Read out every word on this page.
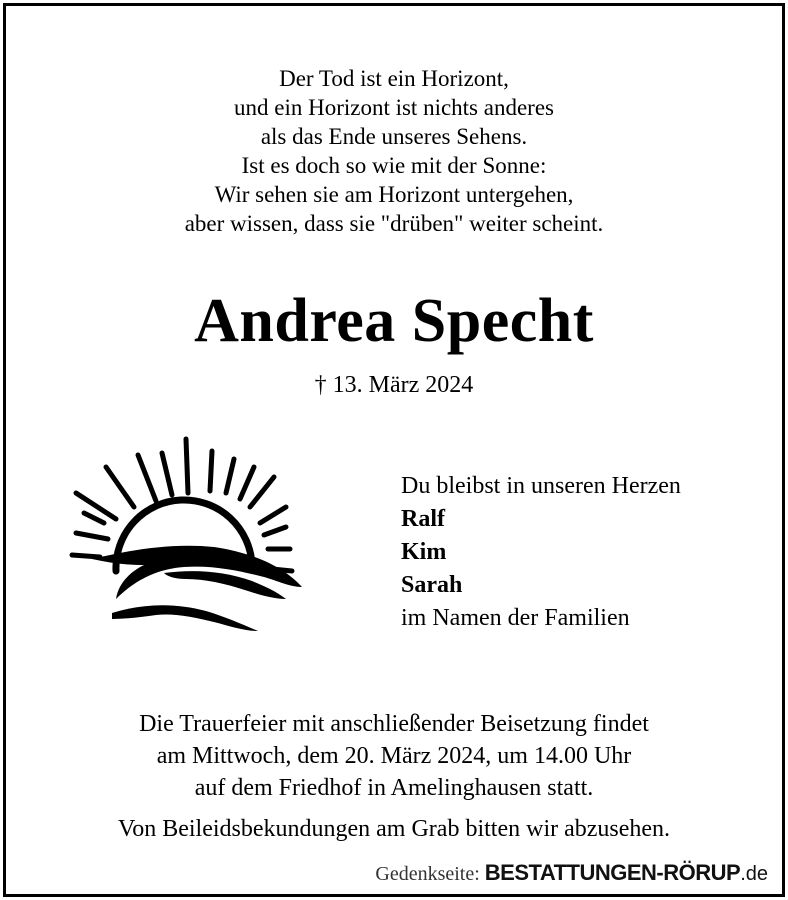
Der Tod ist ein Horizont,
und ein Horizont ist nichts anderes
als das Ende unseres Sehens.
Ist es doch so wie mit der Sonne:
Wir sehen sie am Horizont untergehen,
aber wissen, dass sie "drüben" weiter scheint.
Andrea Specht
† 13. März 2024
Du bleibst in unseren Herzen
Ralf
Kim
Sarah
im Namen der Familien
Die Trauerfeier mit anschließender Beisetzung findet
am Mittwoch, dem 20. März 2024, um 14.00 Uhr
auf dem Friedhof in Amelinghausen statt.
Von Beileidsbekundungen am Grab bitten wir abzusehen.
Gedenkseite: BESTATTUNGEN-RÖRUP.de
